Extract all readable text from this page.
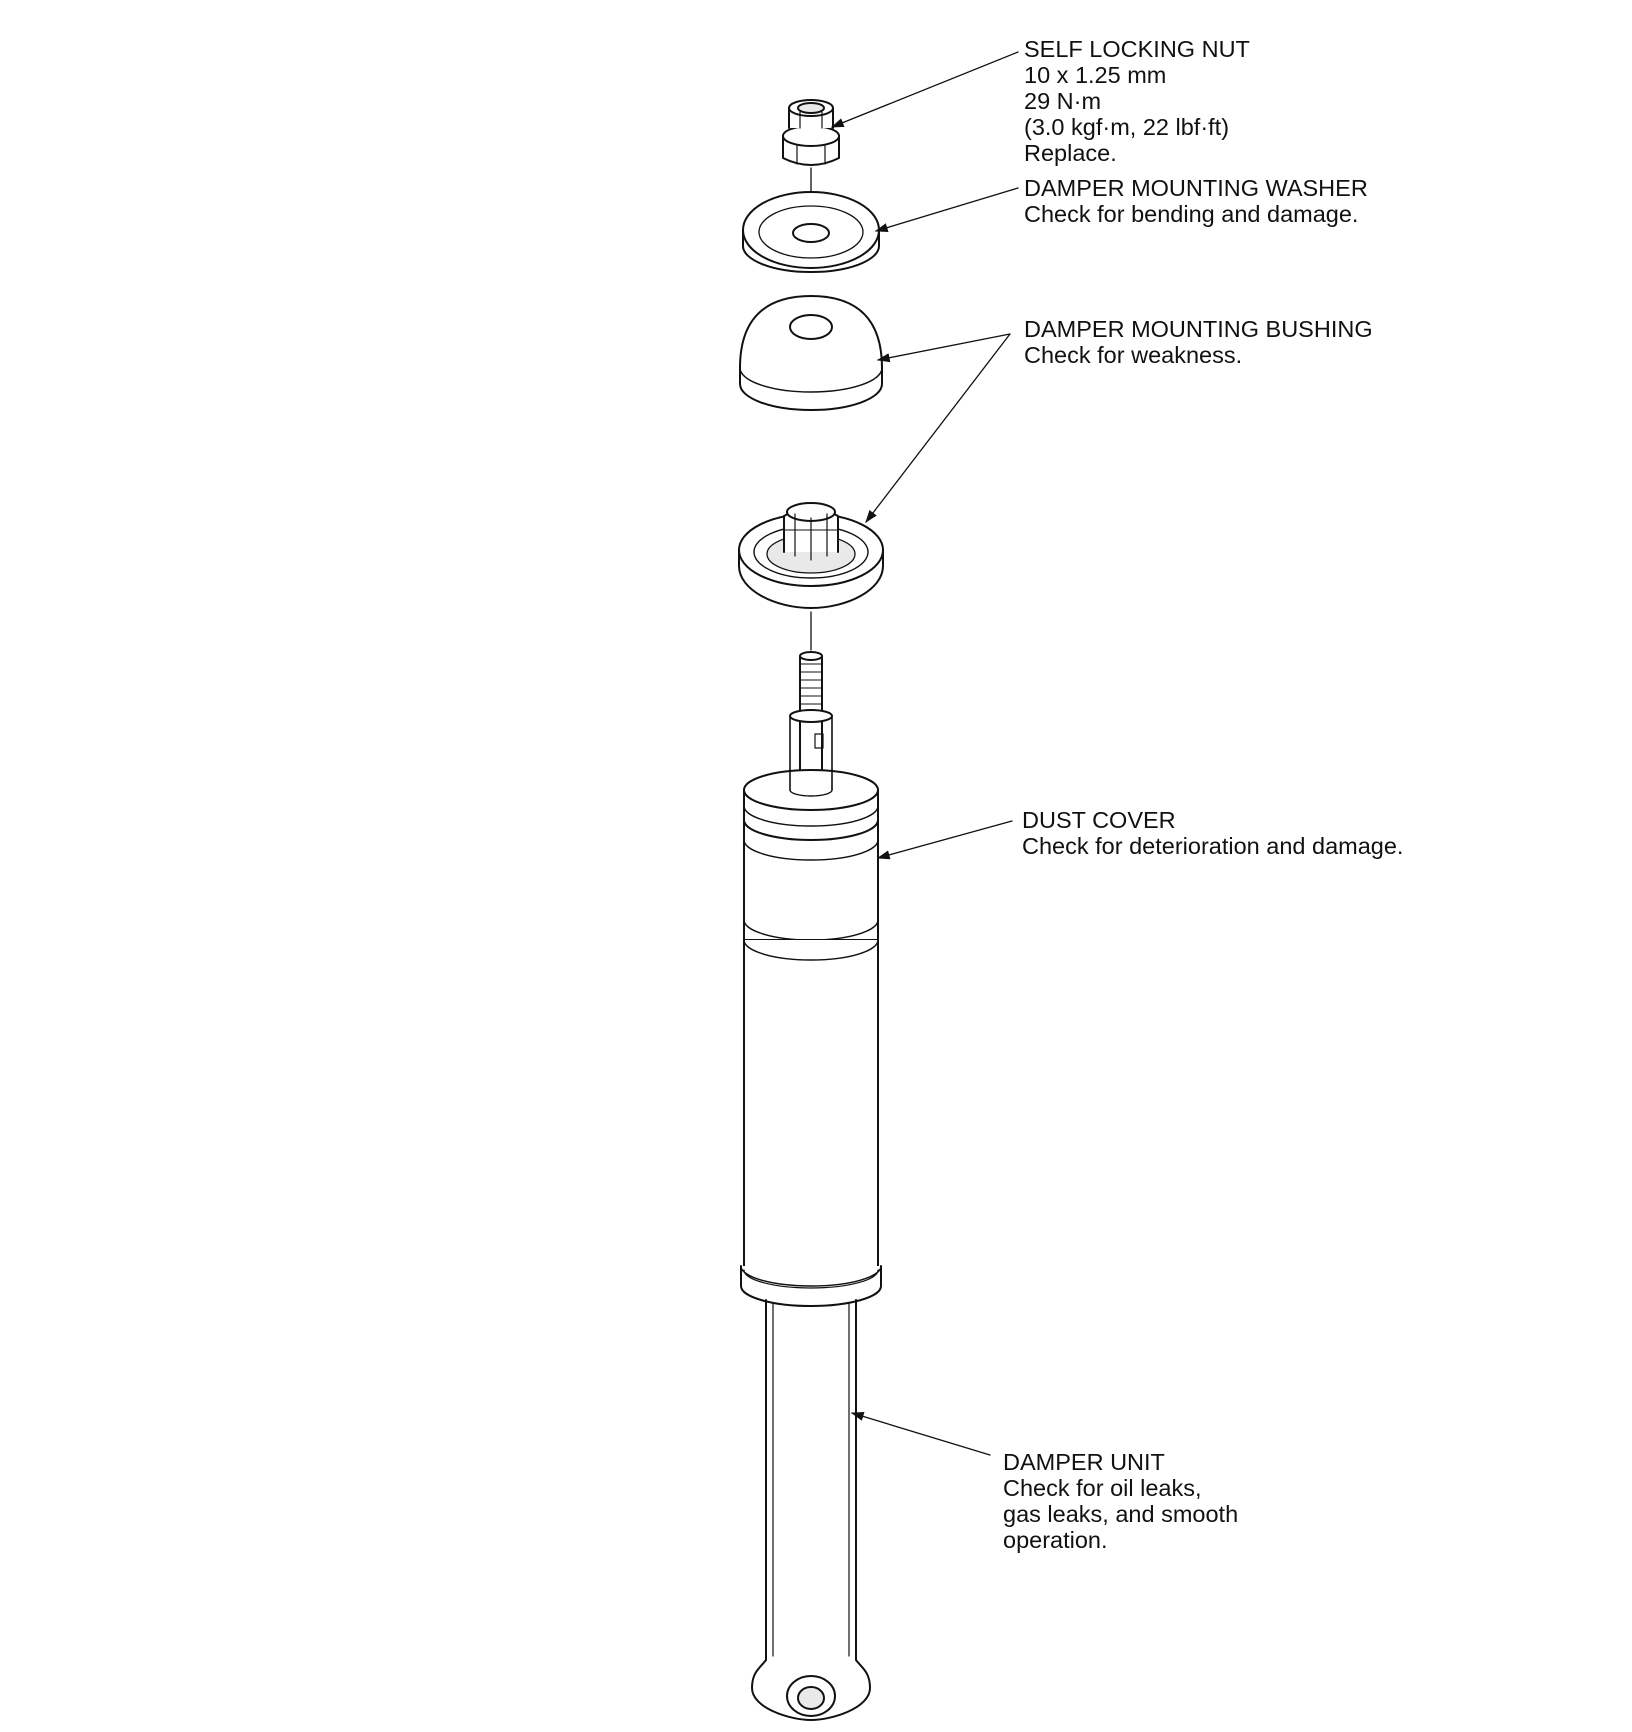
SELF LOCKING NUT
10 x 1.25 mm
29 N·m
(3.0 kgf·m, 22 lbf·ft)
Replace.
DAMPER MOUNTING WASHER
Check for bending and damage.
DAMPER MOUNTING BUSHING
Check for weakness.
DUST COVER
Check for deterioration and damage.
DAMPER UNIT
Check for oil leaks,
gas leaks, and smooth
operation.
